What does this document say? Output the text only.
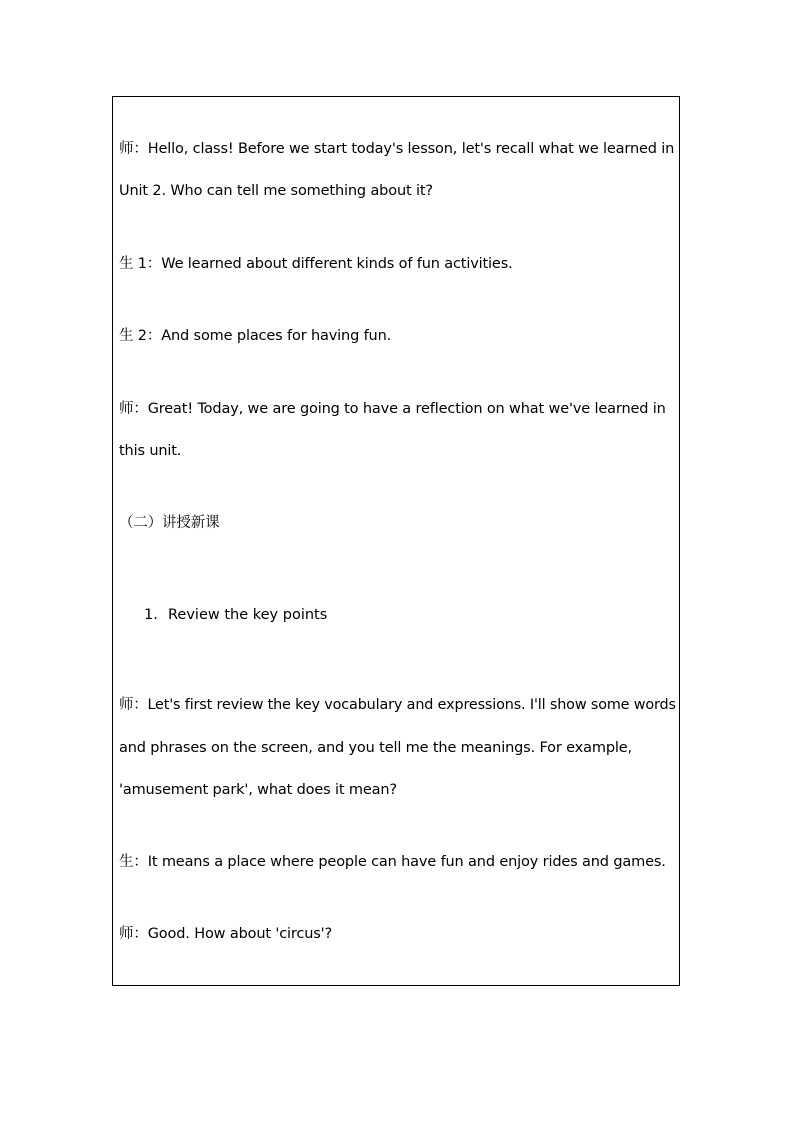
师：Hello, class! Before we start today's lesson, let's recall what we learned in
Unit 2. Who can tell me something about it?
生 1：We learned about different kinds of fun activities.
生 2：And some places for having fun.
师：Great! Today, we are going to have a reflection on what we've learned in
this unit.
（二）讲授新课
1. Review the key points
师：Let's first review the key vocabulary and expressions. I'll show some words
and phrases on the screen, and you tell me the meanings. For example,
'amusement park', what does it mean?
生：It means a place where people can have fun and enjoy rides and games.
师：Good. How about 'circus'?
